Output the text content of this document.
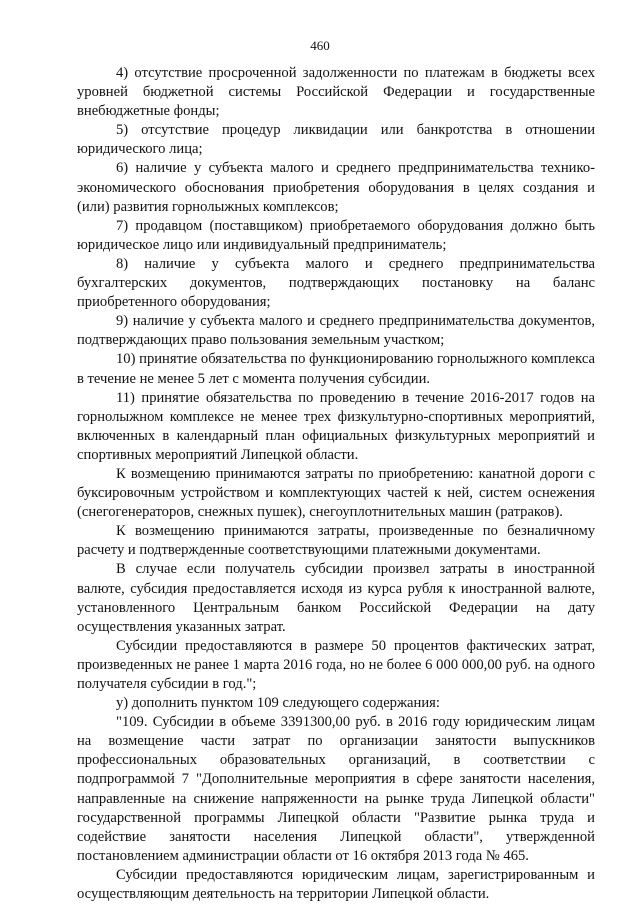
460

4) отсутствие просроченной задолженности по платежам в бюджеты всех уровней бюджетной системы Российской Федерации и государственные внебюджетные фонды;

5) отсутствие процедур ликвидации или банкротства в отношении юридического лица;

6) наличие у субъекта малого и среднего предпринимательства технико-экономического обоснования приобретения оборудования в целях создания и (или) развития горнолыжных комплексов;

7) продавцом (поставщиком) приобретаемого оборудования должно быть юридическое лицо или индивидуальный предприниматель;

8) наличие у субъекта малого и среднего предпринимательства бухгалтерских документов, подтверждающих постановку на баланс приобретенного оборудования;

9) наличие у субъекта малого и среднего предпринимательства документов, подтверждающих право пользования земельным участком;

10) принятие обязательства по функционированию горнолыжного комплекса в течение не менее 5 лет с момента получения субсидии.

11) принятие обязательства по проведению в течение 2016-2017 годов на горнолыжном комплексе не менее трех физкультурно-спортивных мероприятий, включенных в календарный план официальных физкультурных мероприятий и спортивных мероприятий Липецкой области.

К возмещению принимаются затраты по приобретению: канатной дороги с буксировочным устройством и комплектующих частей к ней, систем оснежения (снегогенераторов, снежных пушек), снегоуплотнительных машин (ратраков).

К возмещению принимаются затраты, произведенные по безналичному расчету и подтвержденные соответствующими платежными документами.

В случае если получатель субсидии произвел затраты в иностранной валюте, субсидия предоставляется исходя из курса рубля к иностранной валюте, установленного Центральным банком Российской Федерации на дату осуществления указанных затрат.

Субсидии предоставляются в размере 50 процентов фактических затрат, произведенных не ранее 1 марта 2016 года, но не более 6 000 000,00 руб. на одного получателя субсидии в год.";

у) дополнить пунктом 109 следующего содержания:

"109. Субсидии в объеме 3391300,00 руб. в 2016 году юридическим лицам на возмещение части затрат по организации занятости выпускников профессиональных образовательных организаций, в соответствии с подпрограммой 7 "Дополнительные мероприятия в сфере занятости населения, направленные на снижение напряженности на рынке труда Липецкой области" государственной программы Липецкой области "Развитие рынка труда и содействие занятости населения Липецкой области", утвержденной постановлением администрации области от 16 октября 2013 года № 465.

Субсидии предоставляются юридическим лицам, зарегистрированным и осуществляющим деятельность на территории Липецкой области.
